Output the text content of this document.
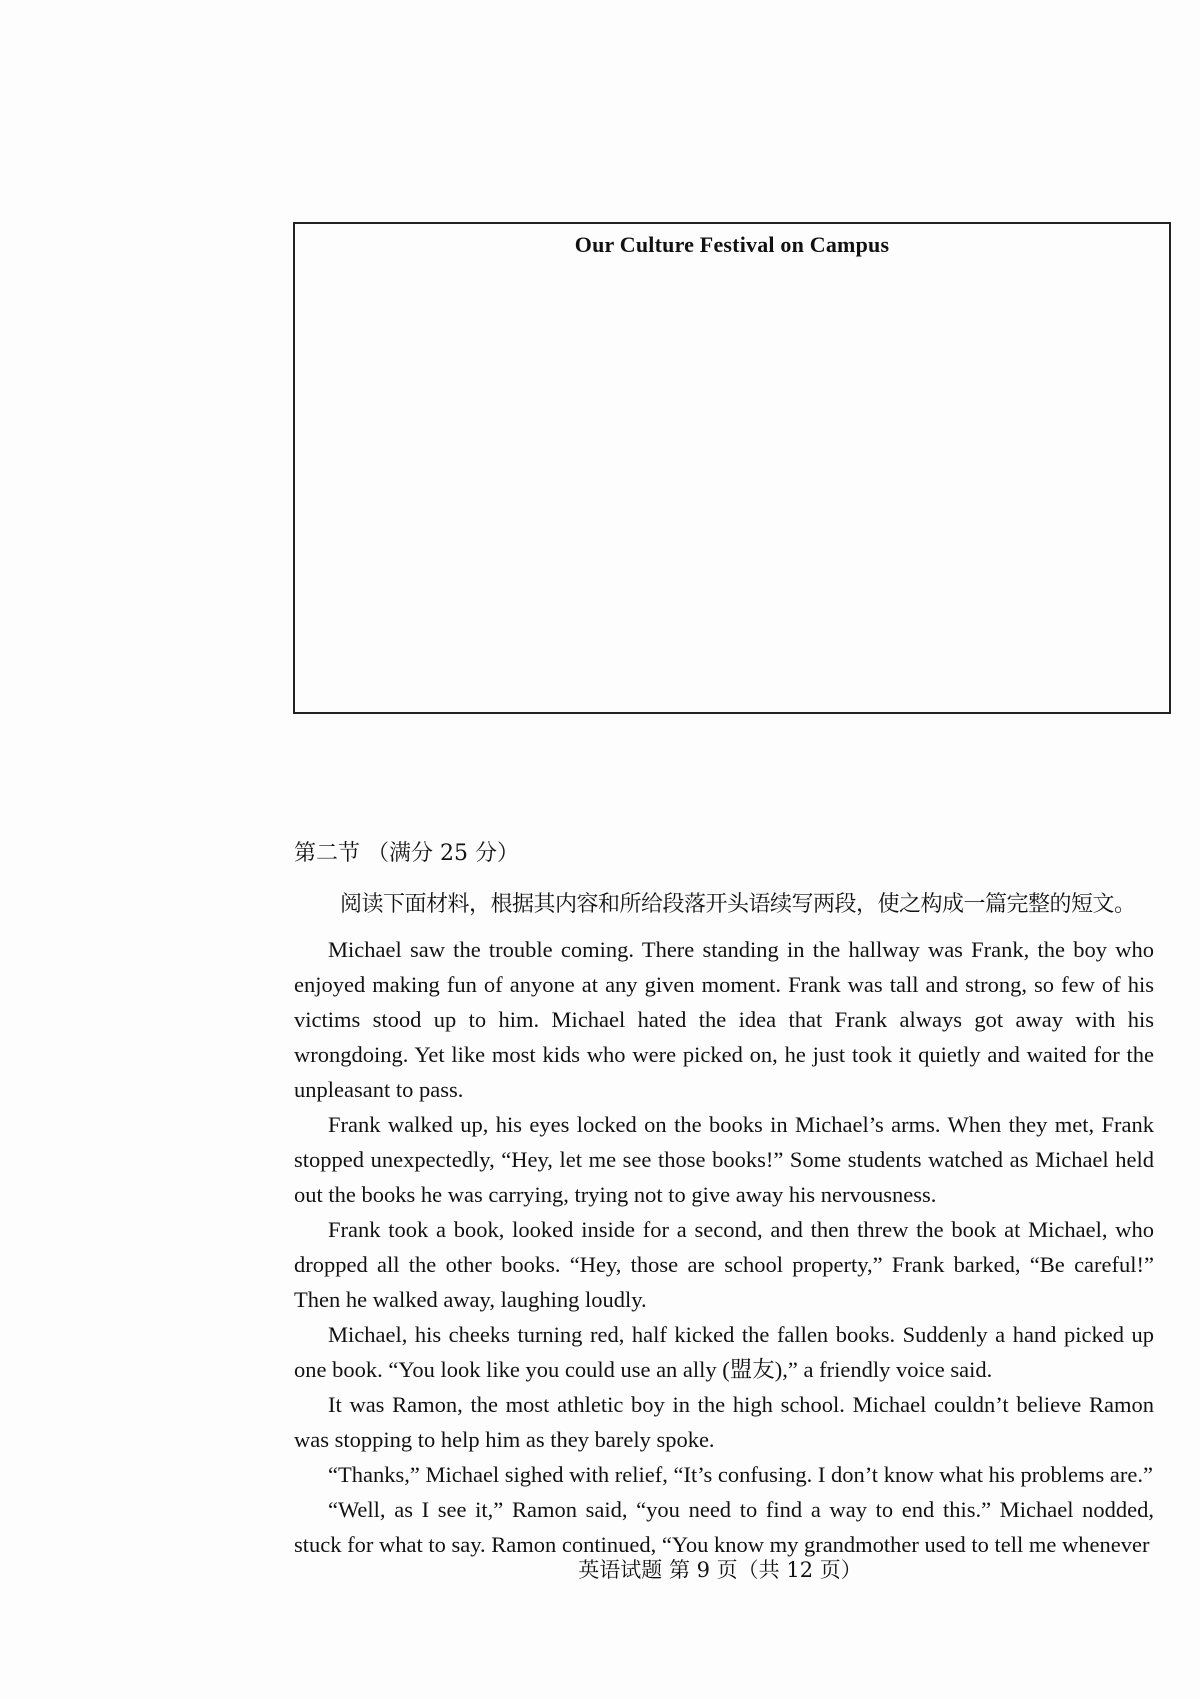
Our Culture Festival on Campus
第二节 （满分 25 分）
阅读下面材料，根据其内容和所给段落开头语续写两段，使之构成一篇完整的短文。

Michael saw the trouble coming. There standing in the hallway was Frank, the boy who enjoyed making fun of anyone at any given moment. Frank was tall and strong, so few of his victims stood up to him. Michael hated the idea that Frank always got away with his wrongdoing. Yet like most kids who were picked on, he just took it quietly and waited for the unpleasant to pass.

Frank walked up, his eyes locked on the books in Michael’s arms. When they met, Frank stopped unexpectedly, “Hey, let me see those books!” Some students watched as Michael held out the books he was carrying, trying not to give away his nervousness.

Frank took a book, looked inside for a second, and then threw the book at Michael, who dropped all the other books. “Hey, those are school property,” Frank barked, “Be careful!” Then he walked away, laughing loudly.

Michael, his cheeks turning red, half kicked the fallen books. Suddenly a hand picked up one book. “You look like you could use an ally (盟友),” a friendly voice said.

It was Ramon, the most athletic boy in the high school. Michael couldn’t believe Ramon was stopping to help him as they barely spoke.

“Thanks,” Michael sighed with relief, “It’s confusing. I don’t know what his problems are.”

“Well, as I see it,” Ramon said, “you need to find a way to end this.” Michael nodded, stuck for what to say. Ramon continued, “You know my grandmother used to tell me whenever

英语试题 第 9 页（共 12 页）
